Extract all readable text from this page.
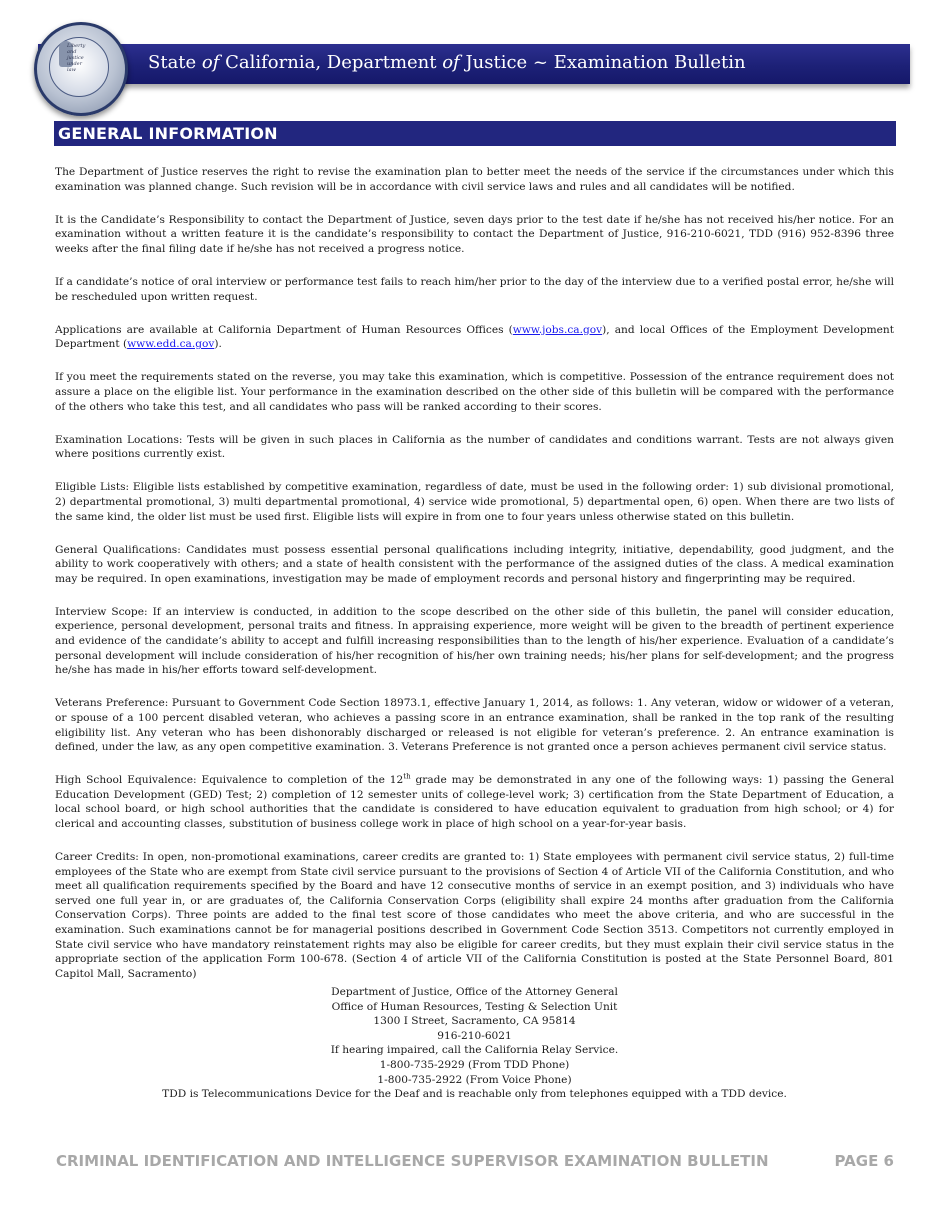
State of California, Department of Justice ~ Examination Bulletin
Liberty and justice under law
GENERAL INFORMATION

The Department of Justice reserves the right to revise the examination plan to better meet the needs of the service if the circumstances under which this examination was planned change. Such revision will be in accordance with civil service laws and rules and all candidates will be notified.

It is the Candidate’s Responsibility to contact the Department of Justice, seven days prior to the test date if he/she has not received his/her notice. For an examination without a written feature it is the candidate’s responsibility to contact the Department of Justice, 916-210-6021, TDD (916) 952-8396 three weeks after the final filing date if he/she has not received a progress notice.

If a candidate’s notice of oral interview or performance test fails to reach him/her prior to the day of the interview due to a verified postal error, he/she will be rescheduled upon written request.

Applications are available at California Department of Human Resources Offices (www.jobs.ca.gov), and local Offices of the Employment Development Department (www.edd.ca.gov).

If you meet the requirements stated on the reverse, you may take this examination, which is competitive. Possession of the entrance requirement does not assure a place on the eligible list. Your performance in the examination described on the other side of this bulletin will be compared with the performance of the others who take this test, and all candidates who pass will be ranked according to their scores.

Examination Locations: Tests will be given in such places in California as the number of candidates and conditions warrant. Tests are not always given where positions currently exist.

Eligible Lists: Eligible lists established by competitive examination, regardless of date, must be used in the following order: 1) sub divisional promotional, 2) departmental promotional, 3) multi departmental promotional, 4) service wide promotional, 5) departmental open, 6) open. When there are two lists of the same kind, the older list must be used first. Eligible lists will expire in from one to four years unless otherwise stated on this bulletin.

General Qualifications: Candidates must possess essential personal qualifications including integrity, initiative, dependability, good judgment, and the ability to work cooperatively with others; and a state of health consistent with the performance of the assigned duties of the class. A medical examination may be required. In open examinations, investigation may be made of employment records and personal history and fingerprinting may be required.

Interview Scope: If an interview is conducted, in addition to the scope described on the other side of this bulletin, the panel will consider education, experience, personal development, personal traits and fitness. In appraising experience, more weight will be given to the breadth of pertinent experience and evidence of the candidate’s ability to accept and fulfill increasing responsibilities than to the length of his/her experience. Evaluation of a candidate’s personal development will include consideration of his/her recognition of his/her own training needs; his/her plans for self-development; and the progress he/she has made in his/her efforts toward self-development.

Veterans Preference: Pursuant to Government Code Section 18973.1, effective January 1, 2014, as follows: 1. Any veteran, widow or widower of a veteran, or spouse of a 100 percent disabled veteran, who achieves a passing score in an entrance examination, shall be ranked in the top rank of the resulting eligibility list. Any veteran who has been dishonorably discharged or released is not eligible for veteran’s preference. 2. An entrance examination is defined, under the law, as any open competitive examination. 3. Veterans Preference is not granted once a person achieves permanent civil service status.

High School Equivalence: Equivalence to completion of the 12th grade may be demonstrated in any one of the following ways: 1) passing the General Education Development (GED) Test; 2) completion of 12 semester units of college-level work; 3) certification from the State Department of Education, a local school board, or high school authorities that the candidate is considered to have education equivalent to graduation from high school; or 4) for clerical and accounting classes, substitution of business college work in place of high school on a year-for-year basis.

Career Credits: In open, non-promotional examinations, career credits are granted to: 1) State employees with permanent civil service status, 2) full-time employees of the State who are exempt from State civil service pursuant to the provisions of Section 4 of Article VII of the California Constitution, and who meet all qualification requirements specified by the Board and have 12 consecutive months of service in an exempt position, and 3) individuals who have served one full year in, or are graduates of, the California Conservation Corps (eligibility shall expire 24 months after graduation from the California Conservation Corps). Three points are added to the final test score of those candidates who meet the above criteria, and who are successful in the examination. Such examinations cannot be for managerial positions described in Government Code Section 3513. Competitors not currently employed in State civil service who have mandatory reinstatement rights may also be eligible for career credits, but they must explain their civil service status in the appropriate section of the application Form 100-678. (Section 4 of article VII of the California Constitution is posted at the State Personnel Board, 801 Capitol Mall, Sacramento)

Department of Justice, Office of the Attorney General
Office of Human Resources, Testing & Selection Unit
1300 I Street, Sacramento, CA 95814
916-210-6021
If hearing impaired, call the California Relay Service.
1-800-735-2929 (From TDD Phone)
1-800-735-2922 (From Voice Phone)
TDD is Telecommunications Device for the Deaf and is reachable only from telephones equipped with a TDD device.
CRIMINAL IDENTIFICATION AND INTELLIGENCE SUPERVISOR EXAMINATION BULLETIN	PAGE 6
